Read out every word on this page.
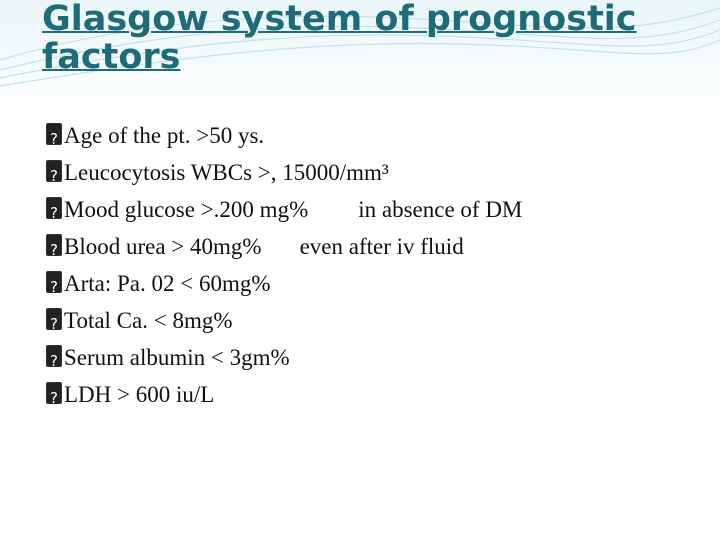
Glasgow system of prognostic factors
?Age of the pt. >50 ys.
?Leucocytosis WBCs >, 15000/mm³
?Mood glucose >.200 mg% in absence of DM
?Blood urea > 40mg% even after iv fluid
?Arta: Pa. 02 < 60mg%
?Total Ca. < 8mg%
?Serum albumin < 3gm%
?LDH > 600 iu/L
